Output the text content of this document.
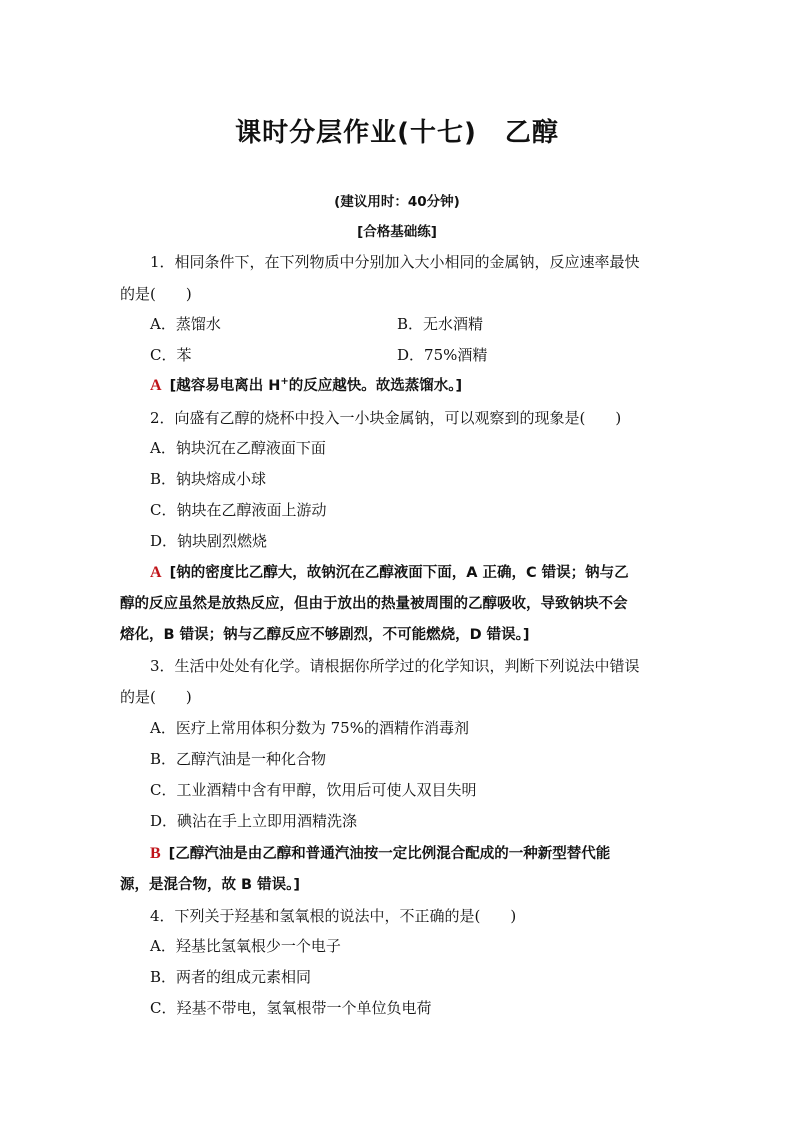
课时分层作业(十七) 乙醇
(建议用时：40分钟)
[合格基础练]
1．相同条件下，在下列物质中分别加入大小相同的金属钠，反应速率最快
的是(　　)
A．蒸馏水	B．无水酒精
C．苯	D．75%酒精
A [越容易电离出 H+的反应越快。故选蒸馏水。]
2．向盛有乙醇的烧杯中投入一小块金属钠，可以观察到的现象是(　　)
A．钠块沉在乙醇液面下面
B．钠块熔成小球
C．钠块在乙醇液面上游动
D．钠块剧烈燃烧
A [钠的密度比乙醇大，故钠沉在乙醇液面下面，A 正确，C 错误；钠与乙
醇的反应虽然是放热反应，但由于放出的热量被周围的乙醇吸收，导致钠块不会
熔化，B 错误；钠与乙醇反应不够剧烈，不可能燃烧，D 错误。]
3．生活中处处有化学。请根据你所学过的化学知识，判断下列说法中错误
的是(　　)
A．医疗上常用体积分数为 75%的酒精作消毒剂
B．乙醇汽油是一种化合物
C．工业酒精中含有甲醇，饮用后可使人双目失明
D．碘沾在手上立即用酒精洗涤
B [乙醇汽油是由乙醇和普通汽油按一定比例混合配成的一种新型替代能
源，是混合物，故 B 错误。]
4．下列关于羟基和氢氧根的说法中，不正确的是(　　)
A．羟基比氢氧根少一个电子
B．两者的组成元素相同
C．羟基不带电，氢氧根带一个单位负电荷
